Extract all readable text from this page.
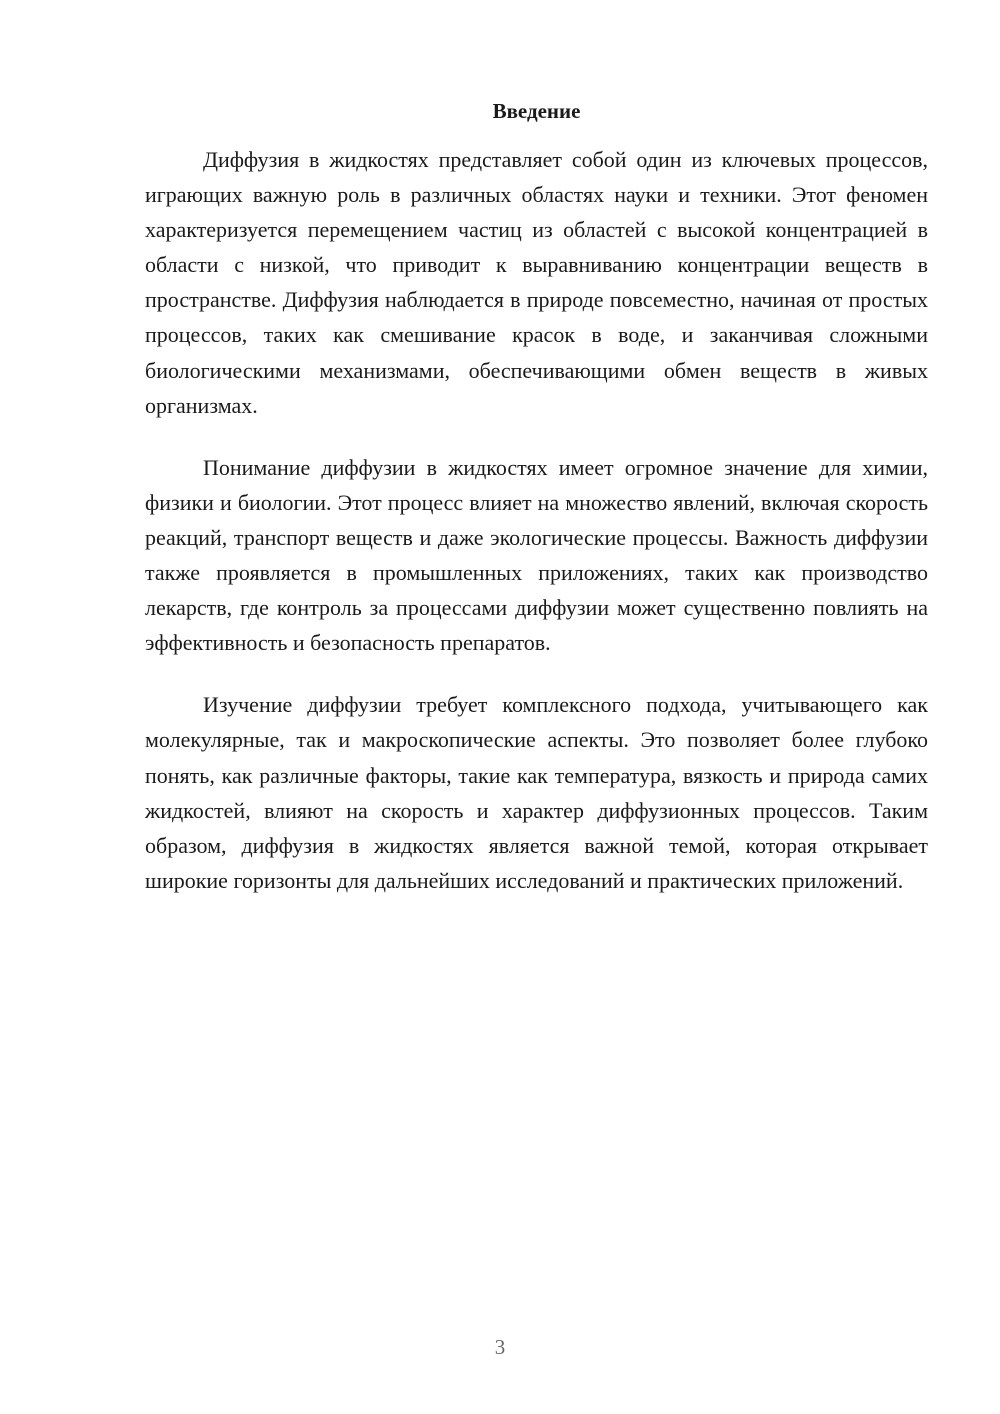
Введение

Диффузия в жидкостях представляет собой один из ключевых процессов, играющих важную роль в различных областях науки и техники. Этот феномен характеризуется перемещением частиц из областей с высокой концентрацией в области с низкой, что приводит к выравниванию концентрации веществ в пространстве. Диффузия наблюдается в природе повсеместно, начиная от простых процессов, таких как смешивание красок в воде, и заканчивая сложными биологическими механизмами, обеспечивающими обмен веществ в живых организмах.

Понимание диффузии в жидкостях имеет огромное значение для химии, физики и биологии. Этот процесс влияет на множество явлений, включая скорость реакций, транспорт веществ и даже экологические процессы. Важность диффузии также проявляется в промышленных приложениях, таких как производство лекарств, где контроль за процессами диффузии может существенно повлиять на эффективность и безопасность препаратов.

Изучение диффузии требует комплексного подхода, учитывающего как молекулярные, так и макроскопические аспекты. Это позволяет более глубоко понять, как различные факторы, такие как температура, вязкость и природа самих жидкостей, влияют на скорость и характер диффузионных процессов. Таким образом, диффузия в жидкостях является важной темой, которая открывает широкие горизонты для дальнейших исследований и практических приложений.

3
